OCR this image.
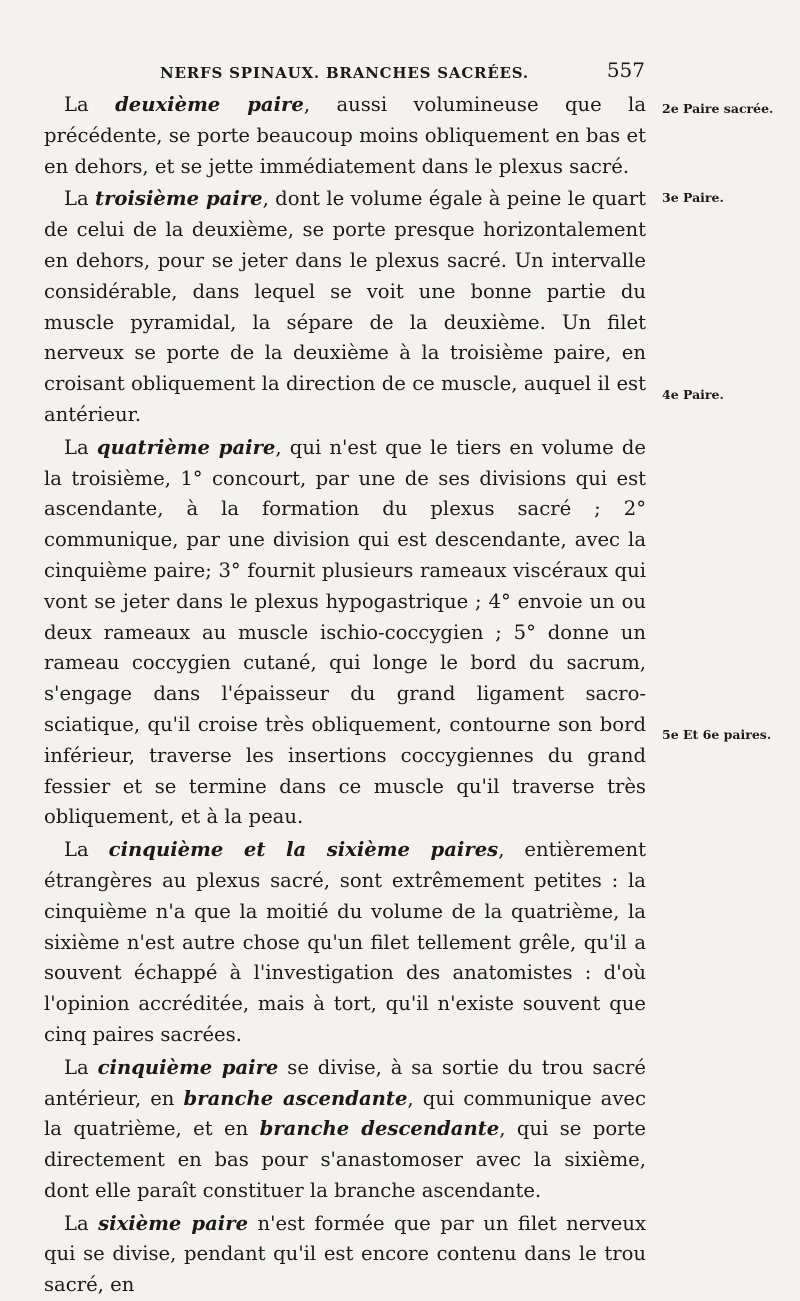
NERFS SPINAUX. BRANCHES SACRÉES.	557
2e Paire sacrée.
3e Paire.
4e Paire.
5e Et 6e paires.

La deuxième paire, aussi volumineuse que la précédente, se porte beaucoup moins obliquement en bas et en dehors, et se jette immédiatement dans le plexus sacré.

La troisième paire, dont le volume égale à peine le quart de celui de la deuxième, se porte presque horizontalement en dehors, pour se jeter dans le plexus sacré. Un intervalle considérable, dans lequel se voit une bonne partie du muscle pyramidal, la sépare de la deuxième. Un filet nerveux se porte de la deuxième à la troisième paire, en croisant obliquement la direction de ce muscle, auquel il est antérieur.

La quatrième paire, qui n'est que le tiers en volume de la troisième, 1° concourt, par une de ses divisions qui est ascendante, à la formation du plexus sacré ; 2° communique, par une division qui est descendante, avec la cinquième paire; 3° fournit plusieurs rameaux viscéraux qui vont se jeter dans le plexus hypogastrique ; 4° envoie un ou deux rameaux au muscle ischio-coccygien ; 5° donne un rameau coccygien cutané, qui longe le bord du sacrum, s'engage dans l'épaisseur du grand ligament sacro-sciatique, qu'il croise très obliquement, contourne son bord inférieur, traverse les insertions coccygiennes du grand fessier et se termine dans ce muscle qu'il traverse très obliquement, et à la peau.

La cinquième et la sixième paires, entièrement étrangères au plexus sacré, sont extrêmement petites : la cinquième n'a que la moitié du volume de la quatrième, la sixième n'est autre chose qu'un filet tellement grêle, qu'il a souvent échappé à l'investigation des anatomistes : d'où l'opinion accréditée, mais à tort, qu'il n'existe souvent que cinq paires sacrées.

La cinquième paire se divise, à sa sortie du trou sacré antérieur, en branche ascendante, qui communique avec la quatrième, et en branche descendante, qui se porte directement en bas pour s'anastomoser avec la sixième, dont elle paraît constituer la branche ascendante.

La sixième paire n'est formée que par un filet nerveux qui se divise, pendant qu'il est encore contenu dans le trou sacré, en
